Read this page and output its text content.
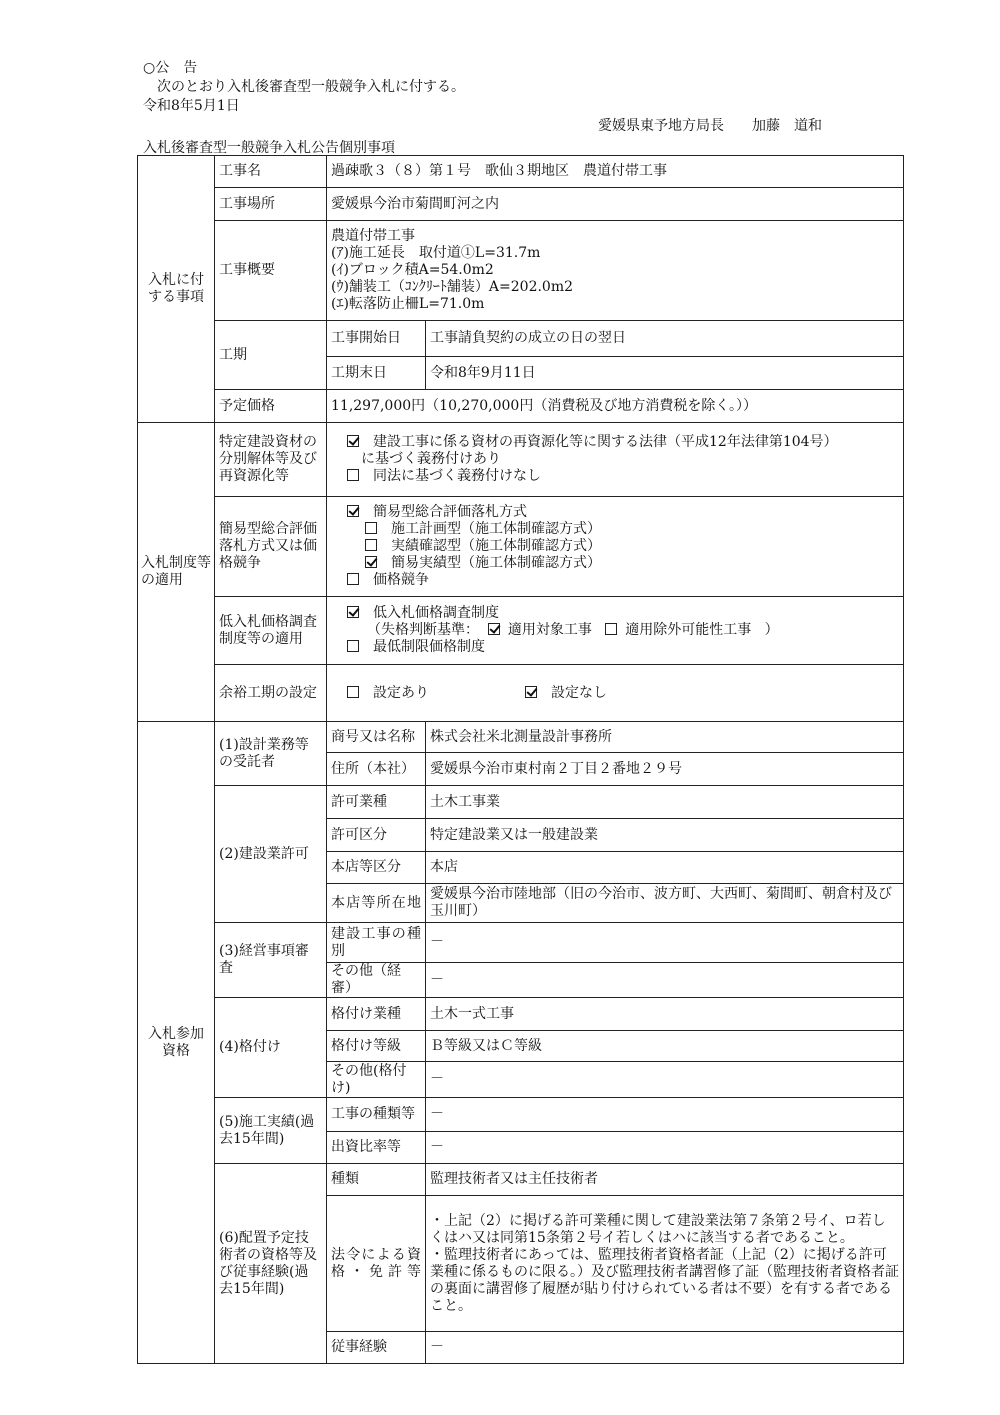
○公　告
次のとおり入札後審査型一般競争入札に付する。
令和8年5月1日
愛媛県東予地方局長 加藤　道和
入札後審査型一般競争入札公告個別事項
入札に付する事項	工事名	過疎歌３（８）第１号　歌仙３期地区　農道付帯工事	
	工事場所	愛媛県今治市菊間町河之内	
	工事概要	農道付帯工事
(ｱ)施工延長　取付道①L=31.7m
(ｲ)ブロック積A=54.0m2
(ｳ)舗装工（ｺﾝｸﾘｰﾄ舗装）A=202.0m2
(ｴ)転落防止柵L=71.0m	

	工期	工事開始日	工事請負契約の成立の日の翌日
		工期末日	令和8年9月11日
	予定価格	11,297,000円（10,270,000円（消費税及び地方消費税を除く。））	
入札制度等の適用	特定建設資材の分別解体等及び再資源化等	建設工事に係る資材の再資源化等に関する法律（平成12年法律第104号）
に基づく義務付けあり
同法に基づく義務付けなし	

	簡易型総合評価落札方式又は価格競争	簡易型総合評価落札方式
施工計画型（施工体制確認方式）
実績確認型（施工体制確認方式）
簡易実績型（施工体制確認方式）
価格競争	

	低入札価格調査制度等の適用	低入札価格調査制度
（失格判断基準： 適用対象工事 適用除外可能性工事 ）
最低制限価格制度	

	余裕工期の設定	設定あり 設定なし	

入札参加資格	(1)設計業務等の受託者	商号又は名称	株式会社米北測量設計事務所
		住所（本社）	愛媛県今治市東村南２丁目２番地２９号
	(2)建設業許可	許可業種	土木工事業
		許可区分	特定建設業又は一般建設業
		本店等区分	本店
		本店等所在地	愛媛県今治市陸地部（旧の今治市、波方町、大西町、菊間町、朝倉村及び玉川町）
	(3)経営事項審査	建設工事の種別	－
		その他（経審）	－
	(4)格付け	格付け業種	土木一式工事
		格付け等級	Ｂ等級又はＣ等級
		その他(格付け)	－
	(5)施工実績(過去15年間)	工事の種類等	－
		出資比率等	－
	(6)配置予定技術者の資格等及び従事経験(過去15年間)	種類	監理技術者又は主任技術者
		法令による資格・免許等	・上記（2）に掲げる許可業種に関して建設業法第７条第２号イ、ロ若しくはハ又は同第15条第２号イ若しくはハに該当する者であること。
・監理技術者にあっては、監理技術者資格者証（上記（2）に掲げる許可業種に係るものに限る。）及び監理技術者講習修了証（監理技術者資格者証の裏面に講習修了履歴が貼り付けられている者は不要）を有する者であること。

		従事経験	－
